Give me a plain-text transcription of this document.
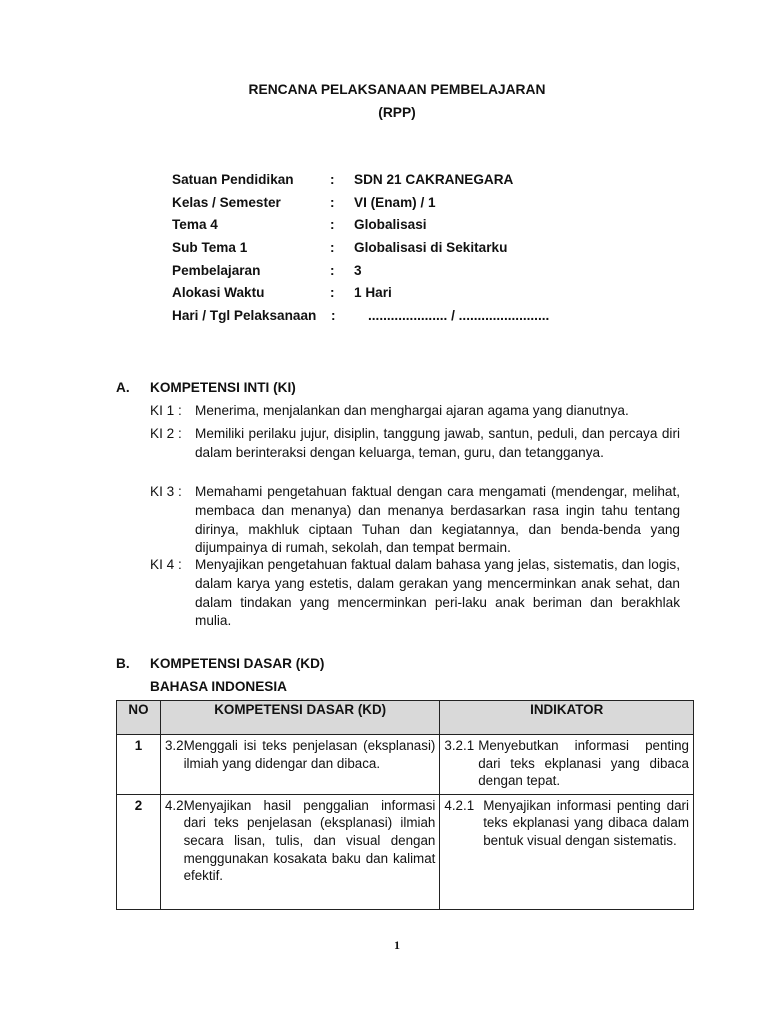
RENCANA PELAKSANAAN PEMBELAJARAN
(RPP)
Satuan Pendidikan	:	SDN 21 CAKRANEGARA
Kelas / Semester	:	VI (Enam) / 1
Tema 4	:	Globalisasi
Sub Tema 1	:	Globalisasi di Sekitarku
Pembelajaran	:	3
Alokasi Waktu	:	1 Hari
Hari / Tgl Pelaksanaan	:	..................... / ........................
A. KOMPETENSI INTI (KI)
KI 1 : Menerima, menjalankan dan menghargai ajaran agama yang dianutnya.
KI 2 : Memiliki perilaku jujur, disiplin, tanggung jawab, santun, peduli, dan percaya diri dalam berinteraksi dengan keluarga, teman, guru, dan tetangganya.
KI 3 : Memahami pengetahuan faktual dengan cara mengamati (mendengar, melihat, membaca dan menanya) dan menanya berdasarkan rasa ingin tahu tentang dirinya, makhluk ciptaan Tuhan dan kegiatannya, dan benda-benda yang dijumpainya di rumah, sekolah, dan tempat bermain.
KI 4 : Menyajikan pengetahuan faktual dalam bahasa yang jelas, sistematis, dan logis, dalam karya yang estetis, dalam gerakan yang mencerminkan anak sehat, dan dalam tindakan yang mencerminkan peri-laku anak beriman dan berakhlak mulia.
B. KOMPETENSI DASAR (KD)
BAHASA INDONESIA
NO	KOMPETENSI DASAR (KD)	INDIKATOR
1	3.2 Menggali isi teks penjelasan (eksplanasi) ilmiah yang didengar dan dibaca.	3.2.1 Menyebutkan informasi penting dari teks ekplanasi yang dibaca dengan tepat.

2	4.2 Menyajikan hasil penggalian informasi dari teks penjelasan (eksplanasi) ilmiah secara lisan, tulis, dan visual dengan menggunakan kosakata baku dan kalimat efektif.	4.2.1 Menyajikan informasi penting dari teks ekplanasi yang dibaca dalam bentuk visual dengan sistematis.
1
